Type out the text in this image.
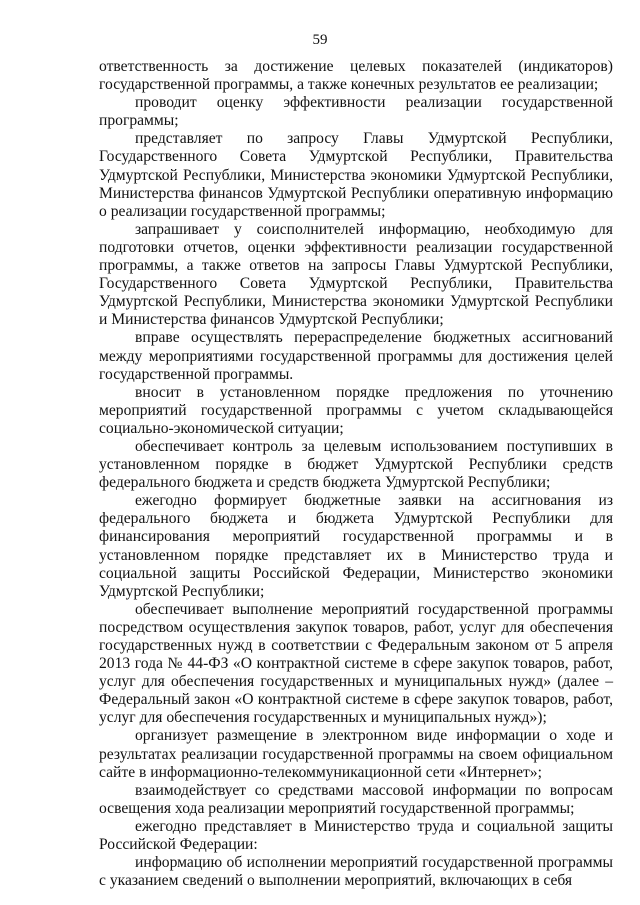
59

ответственность за достижение целевых показателей (индикаторов) государственной программы, а также конечных результатов ее реализации;

проводит оценку эффективности реализации государственной программы;

представляет по запросу Главы Удмуртской Республики, Государственного Совета Удмуртской Республики, Правительства Удмуртской Республики, Министерства экономики Удмуртской Республики, Министерства финансов Удмуртской Республики оперативную информацию о реализации государственной программы;

запрашивает у соисполнителей информацию, необходимую для подготовки отчетов, оценки эффективности реализации государственной программы, а также ответов на запросы Главы Удмуртской Республики, Государственного Совета Удмуртской Республики, Правительства Удмуртской Республики, Министерства экономики Удмуртской Республики и Министерства финансов Удмуртской Республики;

вправе осуществлять перераспределение бюджетных ассигнований между мероприятиями государственной программы для достижения целей государственной программы.

вносит в установленном порядке предложения по уточнению мероприятий государственной программы с учетом складывающейся социально-экономической ситуации;

обеспечивает контроль за целевым использованием поступивших в установленном порядке в бюджет Удмуртской Республики средств федерального бюджета и средств бюджета Удмуртской Республики;

ежегодно формирует бюджетные заявки на ассигнования из федерального бюджета и бюджета Удмуртской Республики для финансирования мероприятий государственной программы и в установленном порядке представляет их в Министерство труда и социальной защиты Российской Федерации, Министерство экономики Удмуртской Республики;

обеспечивает выполнение мероприятий государственной программы посредством осуществления закупок товаров, работ, услуг для обеспечения государственных нужд в соответствии с Федеральным законом от 5 апреля 2013 года № 44-ФЗ «О контрактной системе в сфере закупок товаров, работ, услуг для обеспечения государственных и муниципальных нужд» (далее – Федеральный закон «О контрактной системе в сфере закупок товаров, работ, услуг для обеспечения государственных и муниципальных нужд»);

организует размещение в электронном виде информации о ходе и результатах реализации государственной программы на своем официальном сайте в информационно-телекоммуникационной сети «Интернет»;

взаимодействует со средствами массовой информации по вопросам освещения хода реализации мероприятий государственной программы;

ежегодно представляет в Министерство труда и социальной защиты Российской Федерации:

информацию об исполнении мероприятий государственной программы с указанием сведений о выполнении мероприятий, включающих в себя
